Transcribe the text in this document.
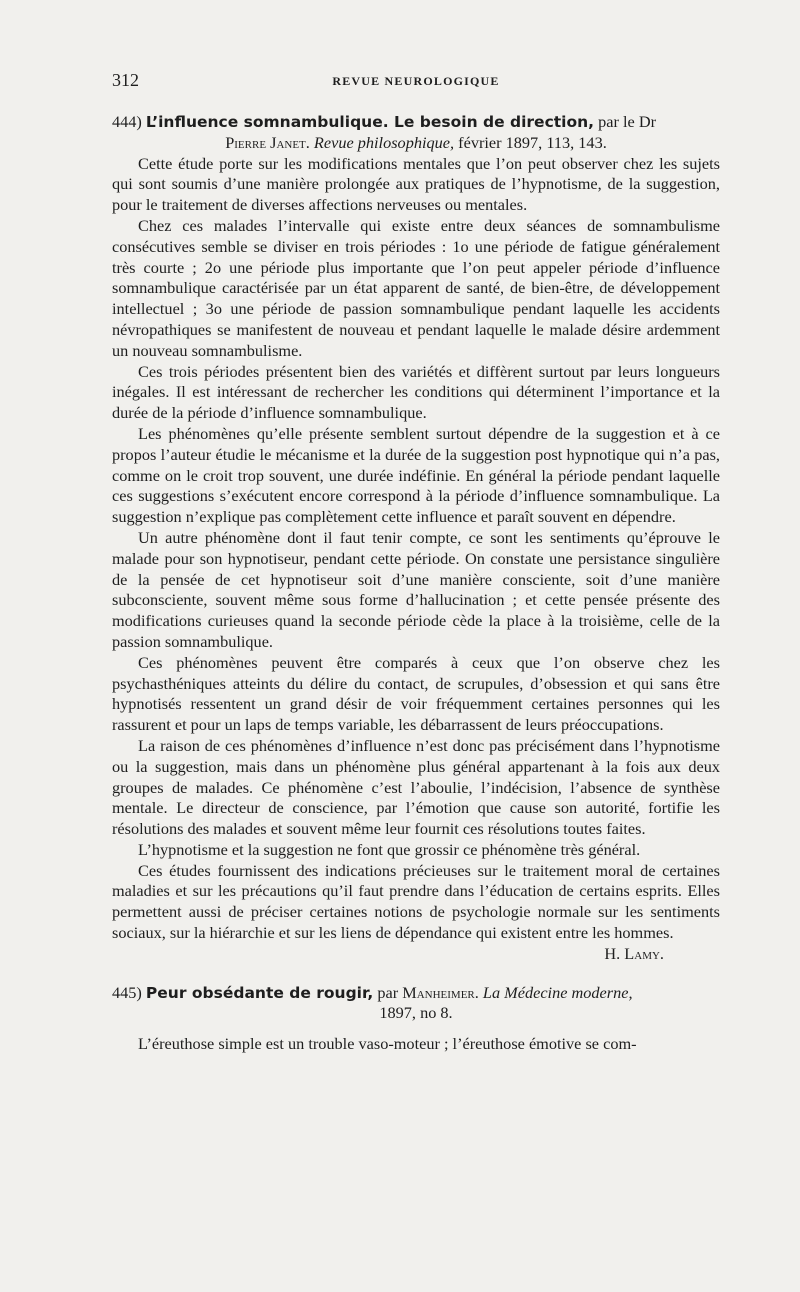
312	REVUE NEUROLOGIQUE
444) L’influence somnambulique. Le besoin de direction, par le Dr
Pierre Janet. Revue philosophique, février 1897, 113, 143.

Cette étude porte sur les modifications mentales que l’on peut observer chez les sujets qui sont soumis d’une manière prolongée aux pratiques de l’hypnotisme, de la suggestion, pour le traitement de diverses affections nerveuses ou mentales.

Chez ces malades l’intervalle qui existe entre deux séances de somnambulisme consécutives semble se diviser en trois périodes : 1o une période de fatigue généralement très courte ; 2o une période plus importante que l’on peut appeler période d’influence somnambulique caractérisée par un état apparent de santé, de bien-être, de développement intellectuel ; 3o une période de passion somnambulique pendant laquelle les accidents névropathiques se manifestent de nouveau et pendant laquelle le malade désire ardemment un nouveau somnambulisme.

Ces trois périodes présentent bien des variétés et diffèrent surtout par leurs longueurs inégales. Il est intéressant de rechercher les conditions qui déterminent l’importance et la durée de la période d’influence somnambulique.

Les phénomènes qu’elle présente semblent surtout dépendre de la suggestion et à ce propos l’auteur étudie le mécanisme et la durée de la suggestion post hypnotique qui n’a pas, comme on le croit trop souvent, une durée indéfinie. En général la période pendant laquelle ces suggestions s’exécutent encore correspond à la période d’influence somnambulique. La suggestion n’explique pas complètement cette influence et paraît souvent en dépendre.

Un autre phénomène dont il faut tenir compte, ce sont les sentiments qu’éprouve le malade pour son hypnotiseur, pendant cette période. On constate une persistance singulière de la pensée de cet hypnotiseur soit d’une manière consciente, soit d’une manière subconsciente, souvent même sous forme d’hallucination ; et cette pensée présente des modifications curieuses quand la seconde période cède la place à la troisième, celle de la passion somnambulique.

Ces phénomènes peuvent être comparés à ceux que l’on observe chez les psychasthéniques atteints du délire du contact, de scrupules, d’obsession et qui sans être hypnotisés ressentent un grand désir de voir fréquemment certaines personnes qui les rassurent et pour un laps de temps variable, les débarrassent de leurs préoccupations.

La raison de ces phénomènes d’influence n’est donc pas précisément dans l’hypnotisme ou la suggestion, mais dans un phénomène plus général appartenant à la fois aux deux groupes de malades. Ce phénomène c’est l’aboulie, l’indécision, l’absence de synthèse mentale. Le directeur de conscience, par l’émotion que cause son autorité, fortifie les résolutions des malades et souvent même leur fournit ces résolutions toutes faites.

L’hypnotisme et la suggestion ne font que grossir ce phénomène très général.

Ces études fournissent des indications précieuses sur le traitement moral de certaines maladies et sur les précautions qu’il faut prendre dans l’éducation de certains esprits. Elles permettent aussi de préciser certaines notions de psychologie normale sur les sentiments sociaux, sur la hiérarchie et sur les liens de dépendance qui existent entre les hommes.

H. Lamy.
445) Peur obsédante de rougir, par Manheimer. La Médecine moderne,
1897, no 8.

L’éreuthose simple est un trouble vaso-moteur ; l’éreuthose émotive se com-
